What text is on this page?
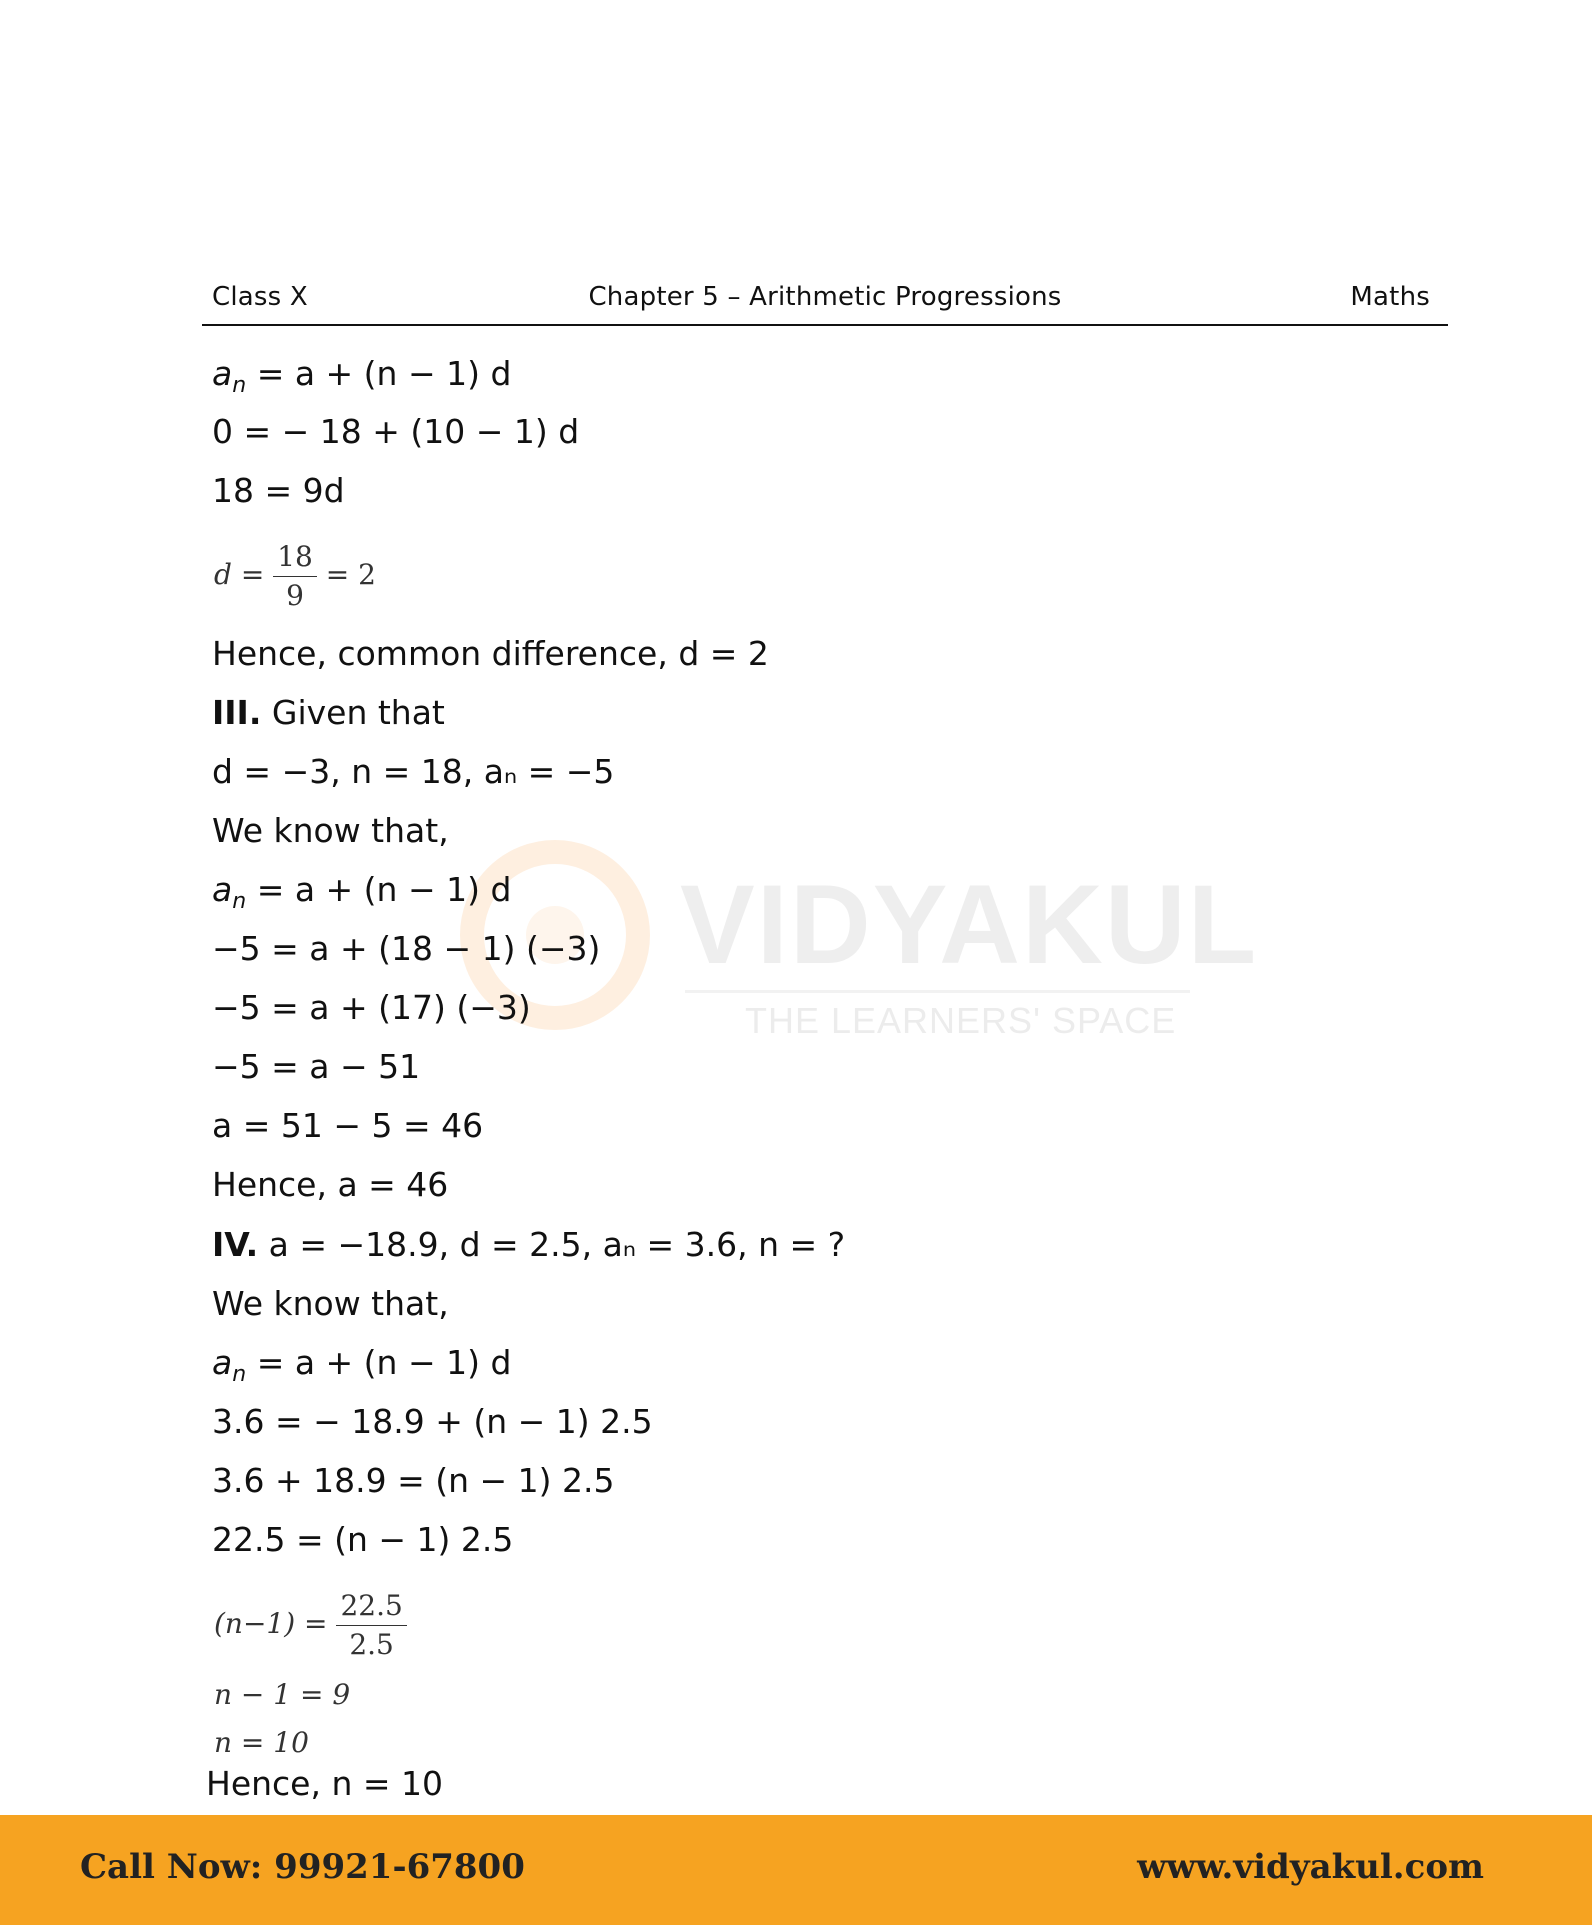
Class X	Chapter 5 – Arithmetic Progressions	Maths
VIDYAKUL
THE LEARNERS' SPACE
$a_n = a + (n - 1)$ d
0 = − 18 + (10 − 1) d
18 = 9d
$d = \frac{18}{9} = 2$
Hence, common difference, d = 2
III. Given that
d = −3, n = 18, aₙ = −5
We know that,
$a_n = a + (n - 1)$ d
−5 = a + (18 − 1) (−3)
−5 = a + (17) (−3)
−5 = a − 51
a = 51 − 5 = 46
Hence, a = 46
IV. a = −18.9, d = 2.5, aₙ = 3.6, n = ?
We know that,
$a_n = a + (n - 1)$ d
3.6 = − 18.9 + (n − 1) 2.5
3.6 + 18.9 = (n − 1) 2.5
22.5 = (n − 1) 2.5
$(n-1) = \frac{22.5}{2.5}$
n − 1 = 9
n = 10
Hence, n = 10
Call Now: 99921-67800	www.vidyakul.com
